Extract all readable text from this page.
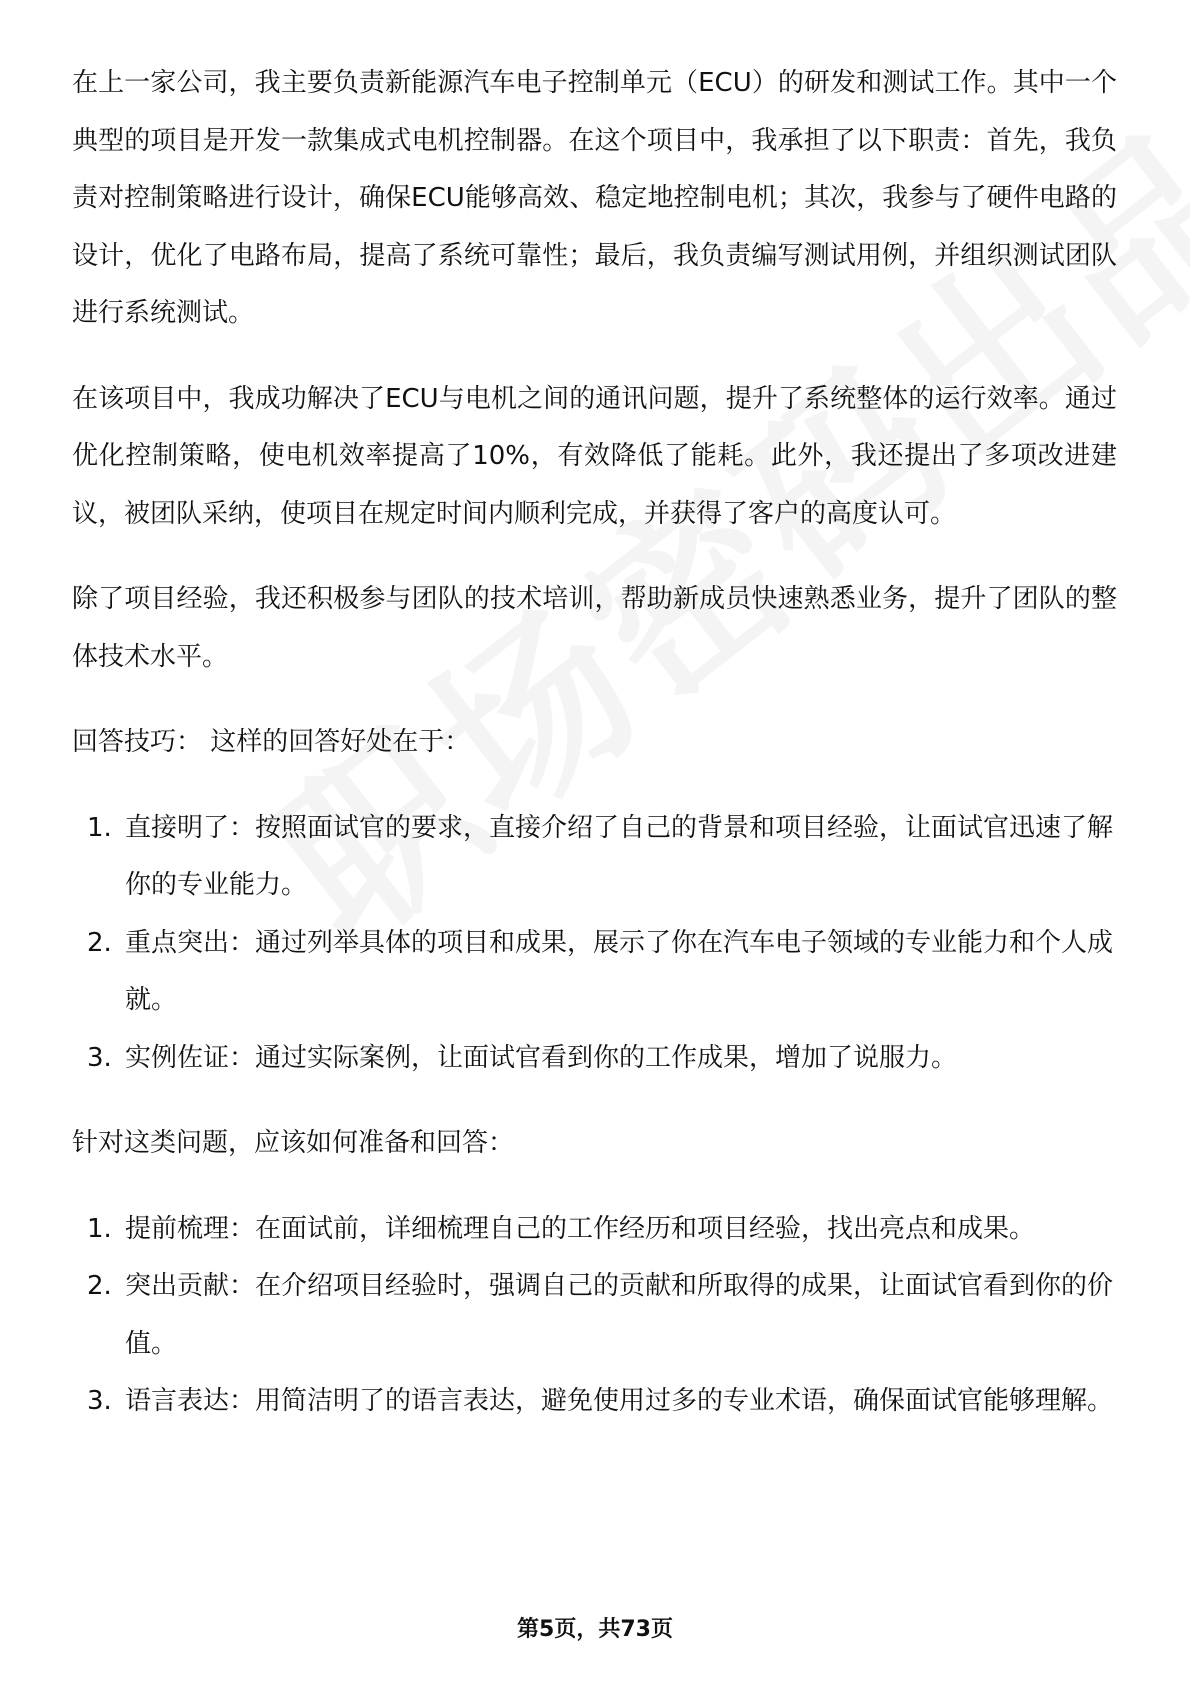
在上一家公司，我主要负责新能源汽车电子控制单元（ECU）的研发和测试工作。其中一个典型的项目是开发一款集成式电机控制器。在这个项目中，我承担了以下职责：首先，我负责对控制策略进行设计，确保ECU能够高效、稳定地控制电机；其次，我参与了硬件电路的设计，优化了电路布局，提高了系统可靠性；最后，我负责编写测试用例，并组织测试团队进行系统测试。

在该项目中，我成功解决了ECU与电机之间的通讯问题，提升了系统整体的运行效率。通过优化控制策略，使电机效率提高了10%，有效降低了能耗。此外，我还提出了多项改进建议，被团队采纳，使项目在规定时间内顺利完成，并获得了客户的高度认可。

除了项目经验，我还积极参与团队的技术培训，帮助新成员快速熟悉业务，提升了团队的整体技术水平。

回答技巧： 这样的回答好处在于：

1. 直接明了：按照面试官的要求，直接介绍了自己的背景和项目经验，让面试官迅速了解你的专业能力。
2. 重点突出：通过列举具体的项目和成果，展示了你在汽车电子领域的专业能力和个人成就。
3. 实例佐证：通过实际案例，让面试官看到你的工作成果，增加了说服力。

针对这类问题，应该如何准备和回答：

1. 提前梳理：在面试前，详细梳理自己的工作经历和项目经验，找出亮点和成果。
2. 突出贡献：在介绍项目经验时，强调自己的贡献和所取得的成果，让面试官看到你的价值。
3. 语言表达：用简洁明了的语言表达，避免使用过多的专业术语，确保面试官能够理解。
第5页，共73页
